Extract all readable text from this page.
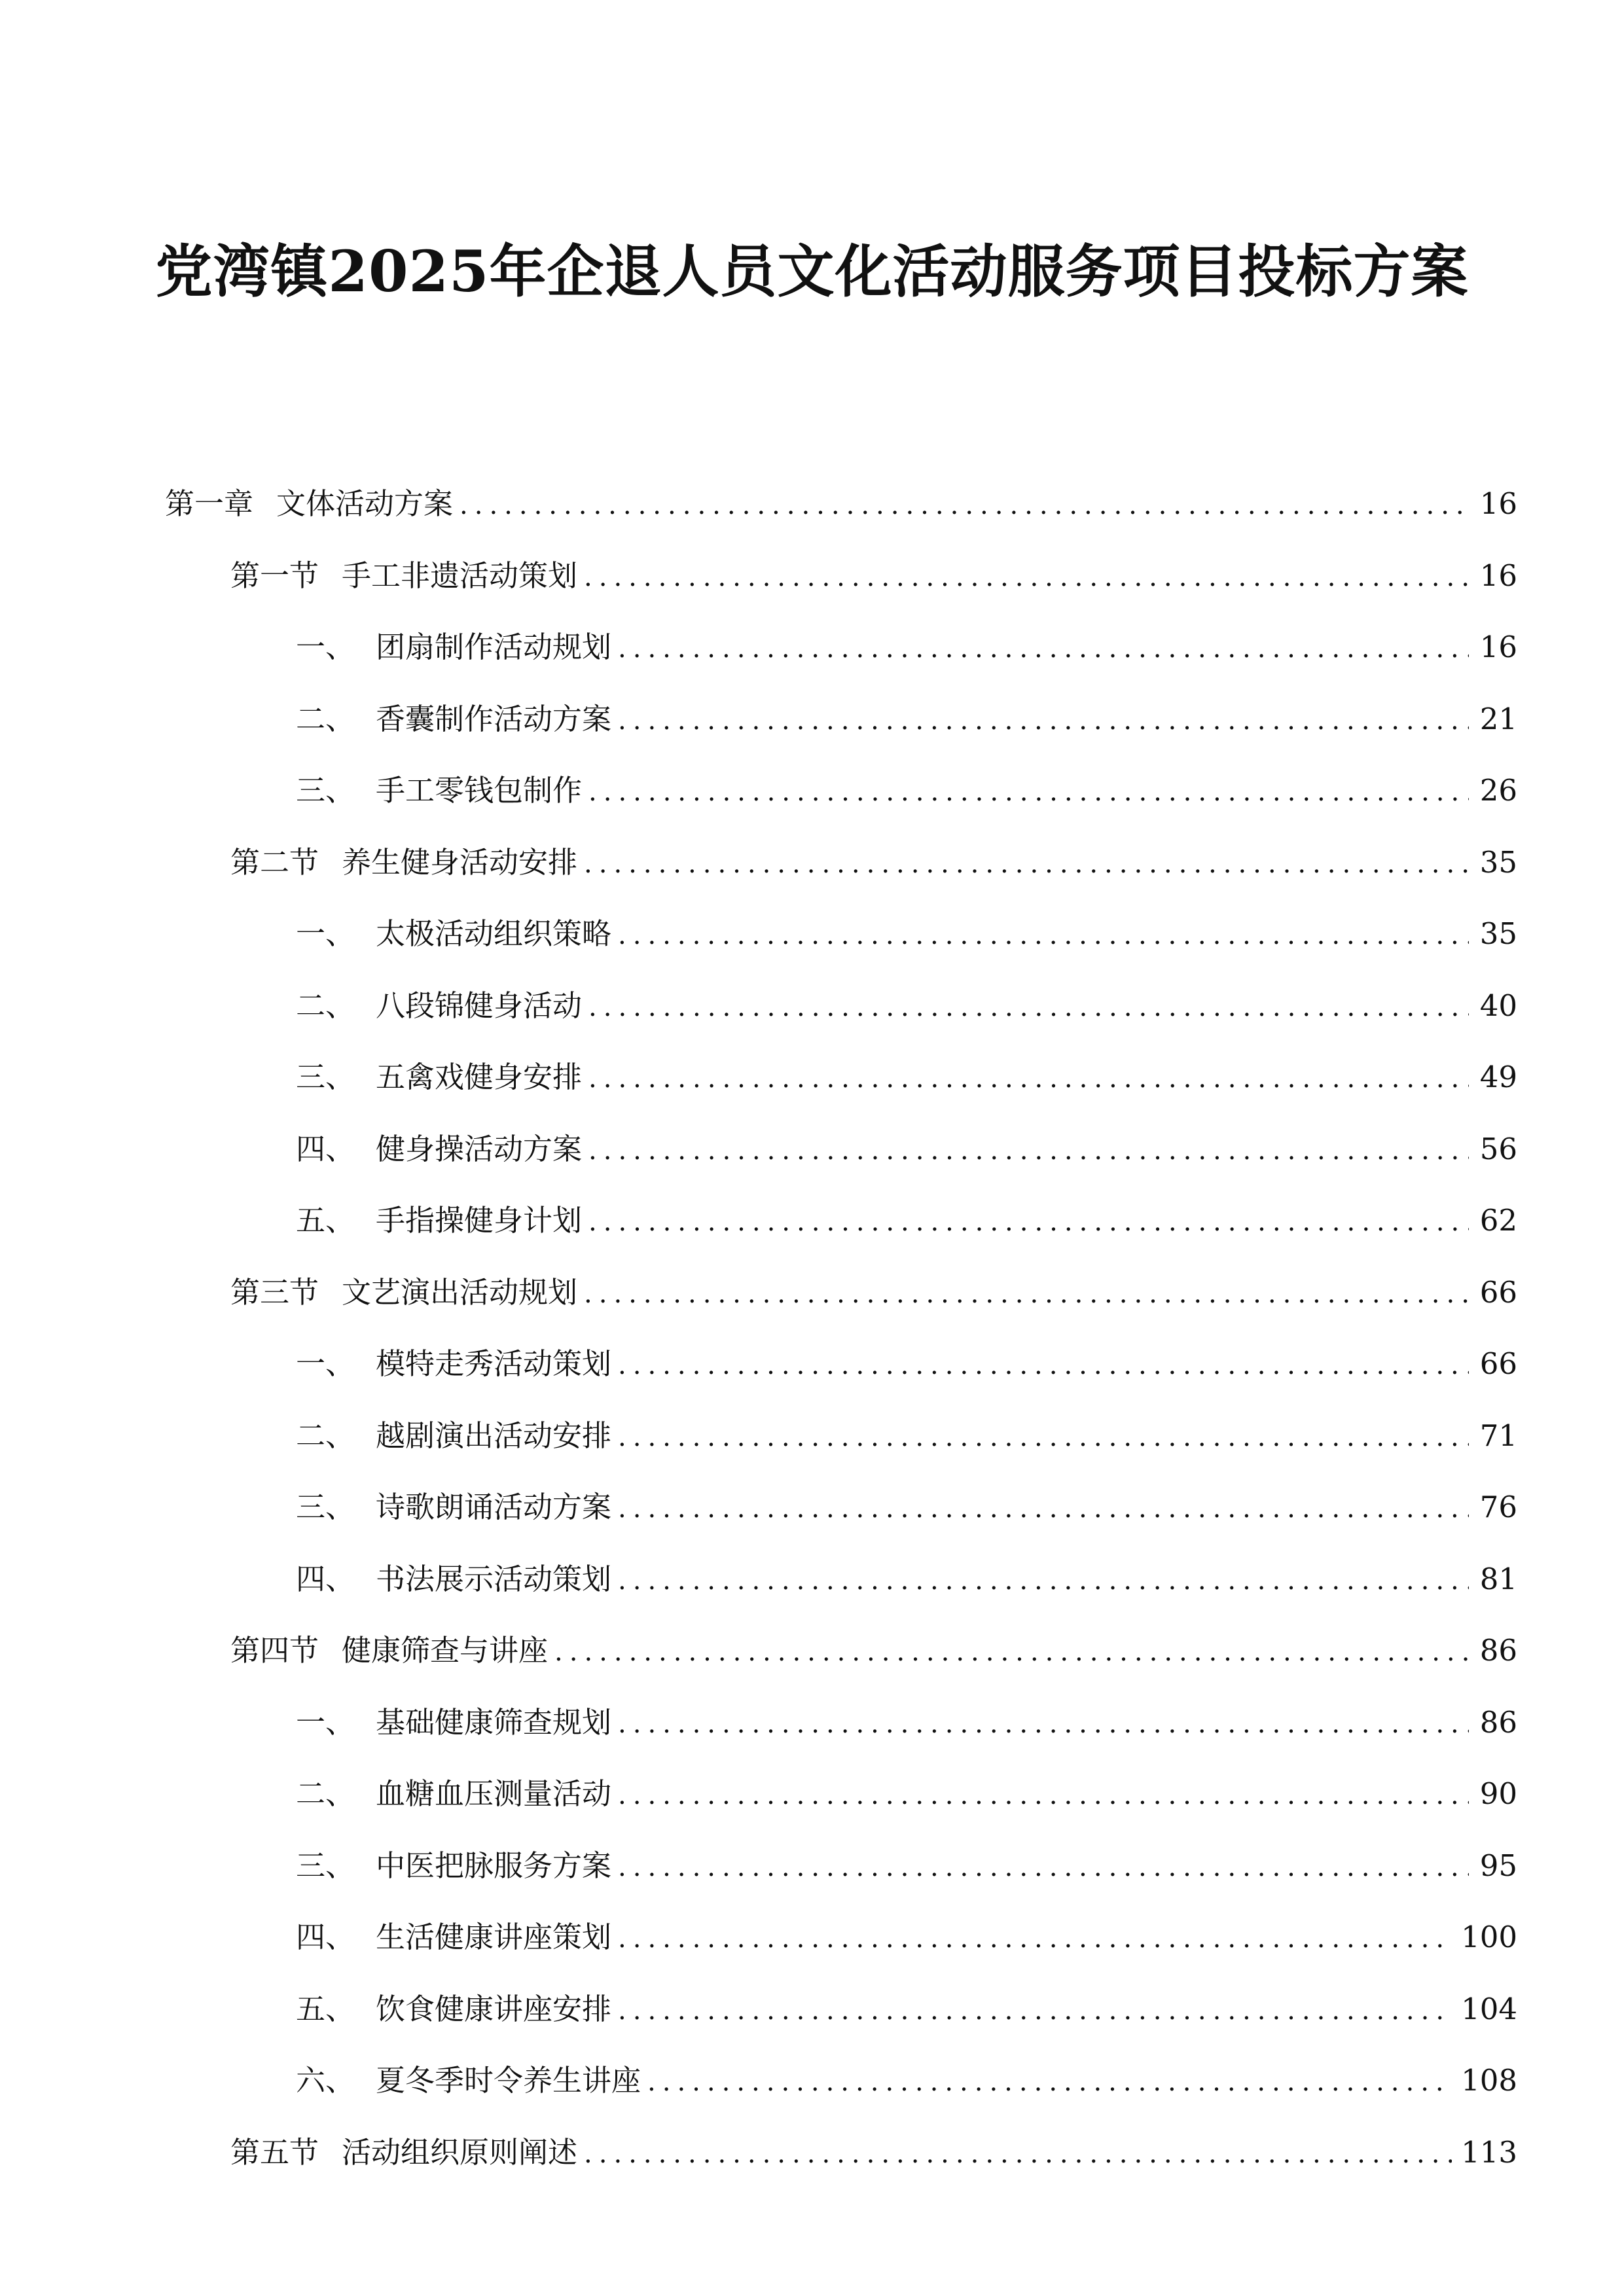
党湾镇2025年企退人员文化活动服务项目投标方案
第一章 文体活动方案 .....	16
第一节 手工非遗活动策划 .....	16
一、 团扇制作活动规划 .....	16
二、 香囊制作活动方案 .....	21
三、 手工零钱包制作 .....	26
第二节 养生健身活动安排 .....	35
一、 太极活动组织策略 .....	35
二、 八段锦健身活动 .....	40
三、 五禽戏健身安排 .....	49
四、 健身操活动方案 .....	56
五、 手指操健身计划 .....	62
第三节 文艺演出活动规划 .....	66
一、 模特走秀活动策划 .....	66
二、 越剧演出活动安排 .....	71
三、 诗歌朗诵活动方案 .....	76
四、 书法展示活动策划 .....	81
第四节 健康筛查与讲座 .....	86
一、 基础健康筛查规划 .....	86
二、 血糖血压测量活动 .....	90
三、 中医把脉服务方案 .....	95
四、 生活健康讲座策划 .....	100
五、 饮食健康讲座安排 .....	104
六、 夏冬季时令养生讲座 .....	108
第五节 活动组织原则阐述 .....	113
